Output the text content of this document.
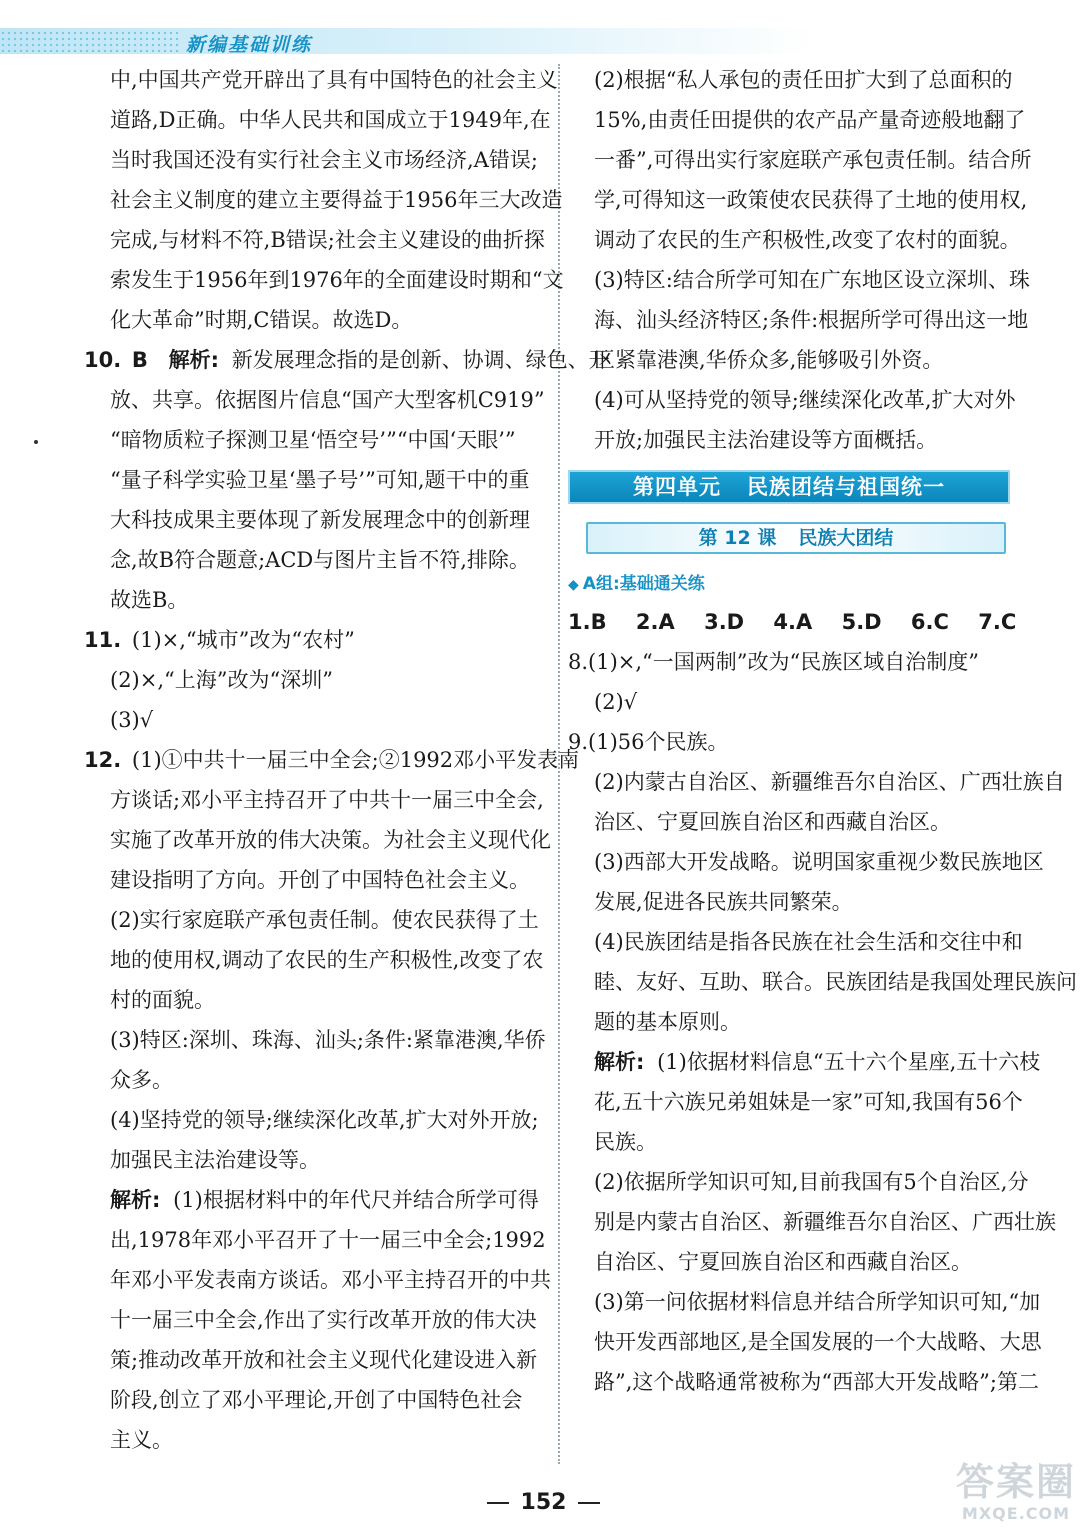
新编基础训练
中,中国共产党开辟出了具有中国特色的社会主义
道路,D正确。中华人民共和国成立于1949年,在
当时我国还没有实行社会主义市场经济,A错误;
社会主义制度的建立主要得益于1956年三大改造
完成,与材料不符,B错误;社会主义建设的曲折探
索发生于1956年到1976年的全面建设时期和“文
化大革命”时期,C错误。故选D。
10. B 解析: 新发展理念指的是创新、协调、绿色、开
放、共享。依据图片信息“国产大型客机C919”
“暗物质粒子探测卫星‘悟空号’”“中国‘天眼’”
“量子科学实验卫星‘墨子号’”可知,题干中的重
大科技成果主要体现了新发展理念中的创新理
念,故B符合题意;ACD与图片主旨不符,排除。
故选B。
11. (1)×,“城市”改为“农村”
(2)×,“上海”改为“深圳”
(3)√
12. (1)①中共十一届三中全会;②1992邓小平发表南
方谈话;邓小平主持召开了中共十一届三中全会,
实施了改革开放的伟大决策。为社会主义现代化
建设指明了方向。开创了中国特色社会主义。
(2)实行家庭联产承包责任制。使农民获得了土
地的使用权,调动了农民的生产积极性,改变了农
村的面貌。
(3)特区:深圳、珠海、汕头;条件:紧靠港澳,华侨
众多。
(4)坚持党的领导;继续深化改革,扩大对外开放;
加强民主法治建设等。
解析: (1)根据材料中的年代尺并结合所学可得
出,1978年邓小平召开了十一届三中全会;1992
年邓小平发表南方谈话。邓小平主持召开的中共
十一届三中全会,作出了实行改革开放的伟大决
策;推动改革开放和社会主义现代化建设进入新
阶段,创立了邓小平理论,开创了中国特色社会
主义。
(2)根据“私人承包的责任田扩大到了总面积的
15%,由责任田提供的农产品产量奇迹般地翻了
一番”,可得出实行家庭联产承包责任制。结合所
学,可得知这一政策使农民获得了土地的使用权,
调动了农民的生产积极性,改变了农村的面貌。
(3)特区:结合所学可知在广东地区设立深圳、珠
海、汕头经济特区;条件:根据所学可得出这一地
区紧靠港澳,华侨众多,能够吸引外资。
(4)可从坚持党的领导;继续深化改革,扩大对外
开放;加强民主法治建设等方面概括。
第四单元 民族团结与祖国统一
第 12 课 民族大团结
◆ A组:基础通关练
1.B 2.A 3.D 4.A 5.D 6.C 7.C
8.(1)×,“一国两制”改为“民族区域自治制度”
(2)√
9.(1)56个民族。
(2)内蒙古自治区、新疆维吾尔自治区、广西壮族自
治区、宁夏回族自治区和西藏自治区。
(3)西部大开发战略。说明国家重视少数民族地区
发展,促进各民族共同繁荣。
(4)民族团结是指各民族在社会生活和交往中和
睦、友好、互助、联合。民族团结是我国处理民族问
题的基本原则。
解析: (1)依据材料信息“五十六个星座,五十六枝
花,五十六族兄弟姐妹是一家”可知,我国有56个
民族。
(2)依据所学知识可知,目前我国有5个自治区,分
别是内蒙古自治区、新疆维吾尔自治区、广西壮族
自治区、宁夏回族自治区和西藏自治区。
(3)第一问依据材料信息并结合所学知识可知,“加
快开发西部地区,是全国发展的一个大战略、大思
路”,这个战略通常被称为“西部大开发战略”;第二
152	答案圈
MXQE.COM
